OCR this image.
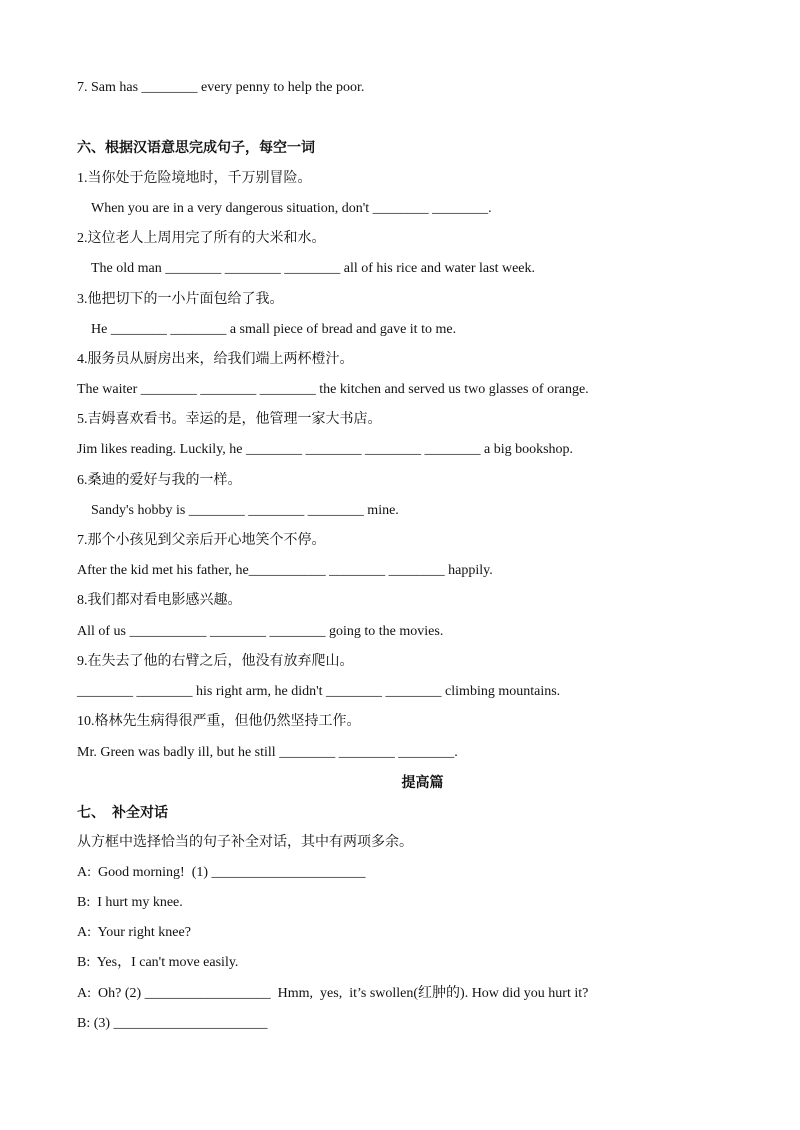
7. Sam has ________ every penny to help the poor.
六、根据汉语意思完成句子，每空一词
1.当你处于危险境地时，千万别冒险。
When you are in a very dangerous situation, don't ________ ________.
2.这位老人上周用完了所有的大米和水。
The old man ________ ________ ________ all of his rice and water last week.
3.他把切下的一小片面包给了我。
He ________ ________ a small piece of bread and gave it to me.
4.服务员从厨房出来，给我们端上两杯橙汁。
The waiter ________ ________ ________ the kitchen and served us two glasses of orange.
5.吉姆喜欢看书。幸运的是，他管理一家大书店。
Jim likes reading. Luckily, he ________ ________ ________ ________ a big bookshop.
6.桑迪的爱好与我的一样。
Sandy's hobby is ________ ________ ________ mine.
7.那个小孩见到父亲后开心地笑个不停。
After the kid met his father, he___________ ________ ________ happily.
8.我们都对看电影感兴趣。
All of us ___________ ________ ________ going to the movies.
9.在失去了他的右臂之后，他没有放弃爬山。
________ ________ his right arm, he didn't ________ ________ climbing mountains.
10.格林先生病得很严重，但他仍然坚持工作。
Mr. Green was badly ill, but he still ________ ________ ________.
提高篇
七、  补全对话
从方框中选择恰当的句子补全对话，其中有两项多余。
A:  Good morning!  (1) ______________________
B:  I hurt my knee.
A:  Your right knee?
B:  Yes，I can't move easily.
A:  Oh? (2) __________________  Hmm,  yes,  it’s swollen(红肿的). How did you hurt it?
B: (3) ______________________
